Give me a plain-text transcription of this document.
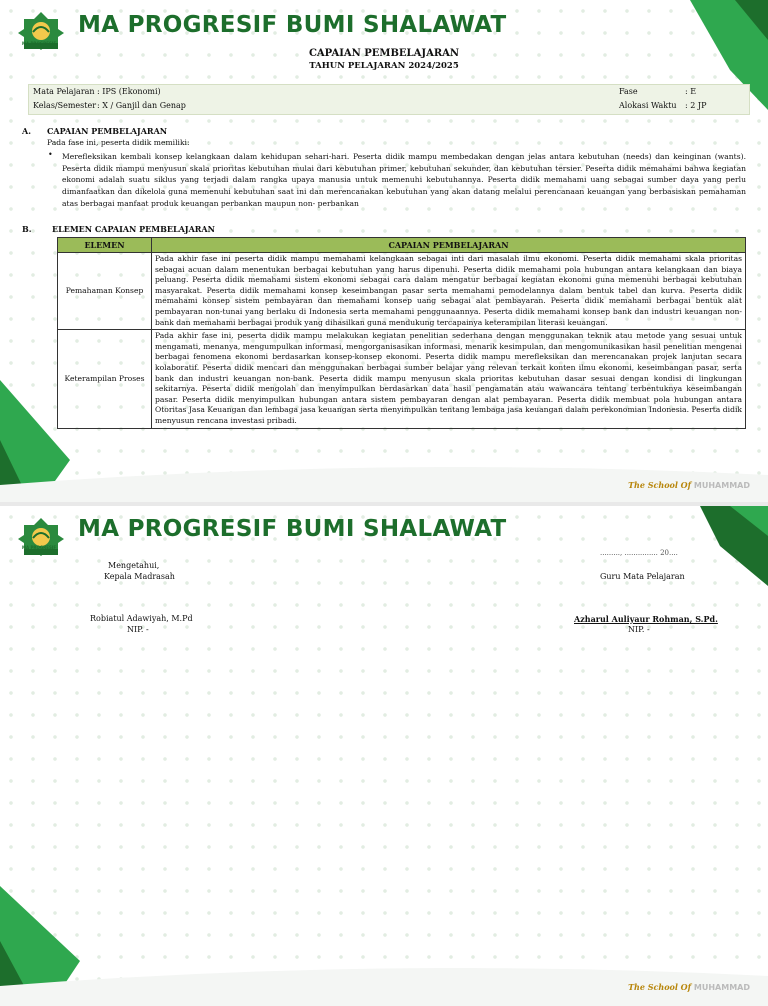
MA PROGRESIF BUMI SHALAWAT
MA PROGRESIF
CAPAIAN PEMBELAJARAN
TAHUN PELAJARAN 2024/2025
Mata Pelajaran : IPS (Ekonomi)
Kelas/Semester : X / Ganjil dan Genap
Fase	: E
Alokasi Waktu : 2 JP
A. CAPAIAN PEMBELAJARAN
Pada fase ini, peserta didik memiliki:
• Merefleksikan kembali konsep kelangkaan dalam kehidupan sehari-hari. Peserta didik mampu membedakan dengan jelas antara kebutuhan (needs) dan keinginan (wants). Peserta didik mampu menyusun skala prioritas kebutuhan mulai dari kebutuhan primer, kebutuhan sekunder, dan kebutuhan tersier. Peserta didik memahami bahwa kegiatan ekonomi adalah suatu siklus yang terjadi dalam rangka upaya manusia untuk memenuhi kebutuhannya. Peserta didik memahami uang sebagai sumber daya yang perlu dimanfaatkan dan dikelola guna memenuhi kebutuhan saat ini dan merencanakan kebutuhan yang akan datang melalui perencanaan keuangan yang berbasiskan pemahaman atas berbagai manfaat produk keuangan perbankan maupun non- perbankan
B.	ELEMEN CAPAIAN PEMBELAJARAN
ELEMEN	CAPAIAN PEMBELAJARAN
Pemahaman Konsep	Pada akhir fase ini peserta didik mampu memahami kelangkaan sebagai inti dari masalah ilmu ekonomi. Peserta didik memahami skala prioritas sebagai acuan dalam menentukan berbagai kebutuhan yang harus dipenuhi. Peserta didik memahami pola hubungan antara kelangkaan dan biaya peluang. Peserta didik memahami sistem ekonomi sebagai cara dalam mengatur berbagai kegiatan ekonomi guna memenuhi berbagai kebutuhan masyarakat. Peserta didik memahami konsep keseimbangan pasar serta memahami pemodelannya dalam bentuk tabel dan kurva. Peserta didik memahami konsep sistem pembayaran dan memahami konsep uang sebagai alat pembayaran. Peserta didik memahami berbagai bentuk alat pembayaran non-tunai yang berlaku di Indonesia serta memahami penggunaannya. Peserta didik memahami konsep bank dan industri keuangan non-bank dan memahami berbagai produk yang dihasilkan guna mendukung tercapainya keterampilan literasi keuangan.
Keterampilan Proses	Pada akhir fase ini, peserta didik mampu melakukan kegiatan penelitian sederhana dengan menggunakan teknik atau metode yang sesuai untuk mengamati, menanya, mengumpulkan informasi, mengorganisasikan informasi, menarik kesimpulan, dan mengomunikasikan hasil penelitian mengenai berbagai fenomena ekonomi berdasarkan konsep-konsep ekonomi. Peserta didik mampu merefleksikan dan merencanakan projek lanjutan secara kolaboratif. Peserta didik mencari dan menggunakan berbagai sumber belajar yang relevan terkait konten ilmu ekonomi, keseimbangan pasar, serta bank dan industri keuangan non-bank. Peserta didik mampu menyusun skala prioritas kebutuhan dasar sesuai dengan kondisi di lingkungan sekitarnya. Peserta didik mengolah dan menyimpulkan berdasarkan data hasil pengamatan atau wawancara tentang terbentuknya keseimbangan pasar. Peserta didik menyimpulkan hubungan antara sistem pembayaran dengan alat pembayaran. Peserta didik membuat pola hubungan antara Otoritas Jasa Keuangan dan lembaga jasa keuangan serta menyimpulkan tentang lembaga jasa keuangan dalam perekonomian Indonesia. Peserta didik menyusun rencana investasi pribadi.
The School Of MUHAMMAD
MA PROGRESIF BUMI SHALAWAT
MA PROGRESIF
........., ............... 20....
Mengetahui,
Kepala Madrasah	Guru Mata Pelajaran
Robiatul Adawiyah, M.Pd
NIP. -
Azharul Auliyaur Rohman, S.Pd.
NIP. -
The School Of MUHAMMAD
